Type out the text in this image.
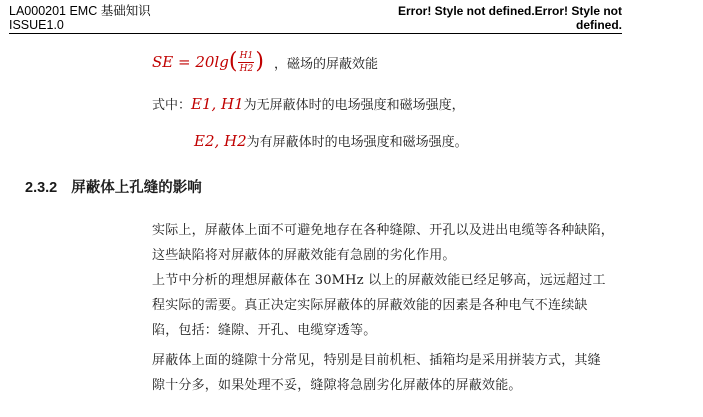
LA000201 EMC 基础知识
ISSUE1.0
Error! Style not defined.Error! Style not defined.
SE = 20lg ( $\frac{H1}{H2}$ ) ，磁场的屏蔽效能
式中：E1, H1为无屏蔽体时的电场强度和磁场强度，
E2, H2为有屏蔽体时的电场强度和磁场强度。
2.3.2 屏蔽体上孔缝的影响
实际上，屏蔽体上面不可避免地存在各种缝隙、开孔以及进出电缆等各种缺陷，
这些缺陷将对屏蔽体的屏蔽效能有急剧的劣化作用。
上节中分析的理想屏蔽体在 30MHz 以上的屏蔽效能已经足够高，远远超过工
程实际的需要。真正决定实际屏蔽体的屏蔽效能的因素是各种电气不连续缺
陷，包括：缝隙、开孔、电缆穿透等。
屏蔽体上面的缝隙十分常见，特别是目前机柜、插箱均是采用拼装方式，其缝
隙十分多，如果处理不妥，缝隙将急剧劣化屏蔽体的屏蔽效能。
